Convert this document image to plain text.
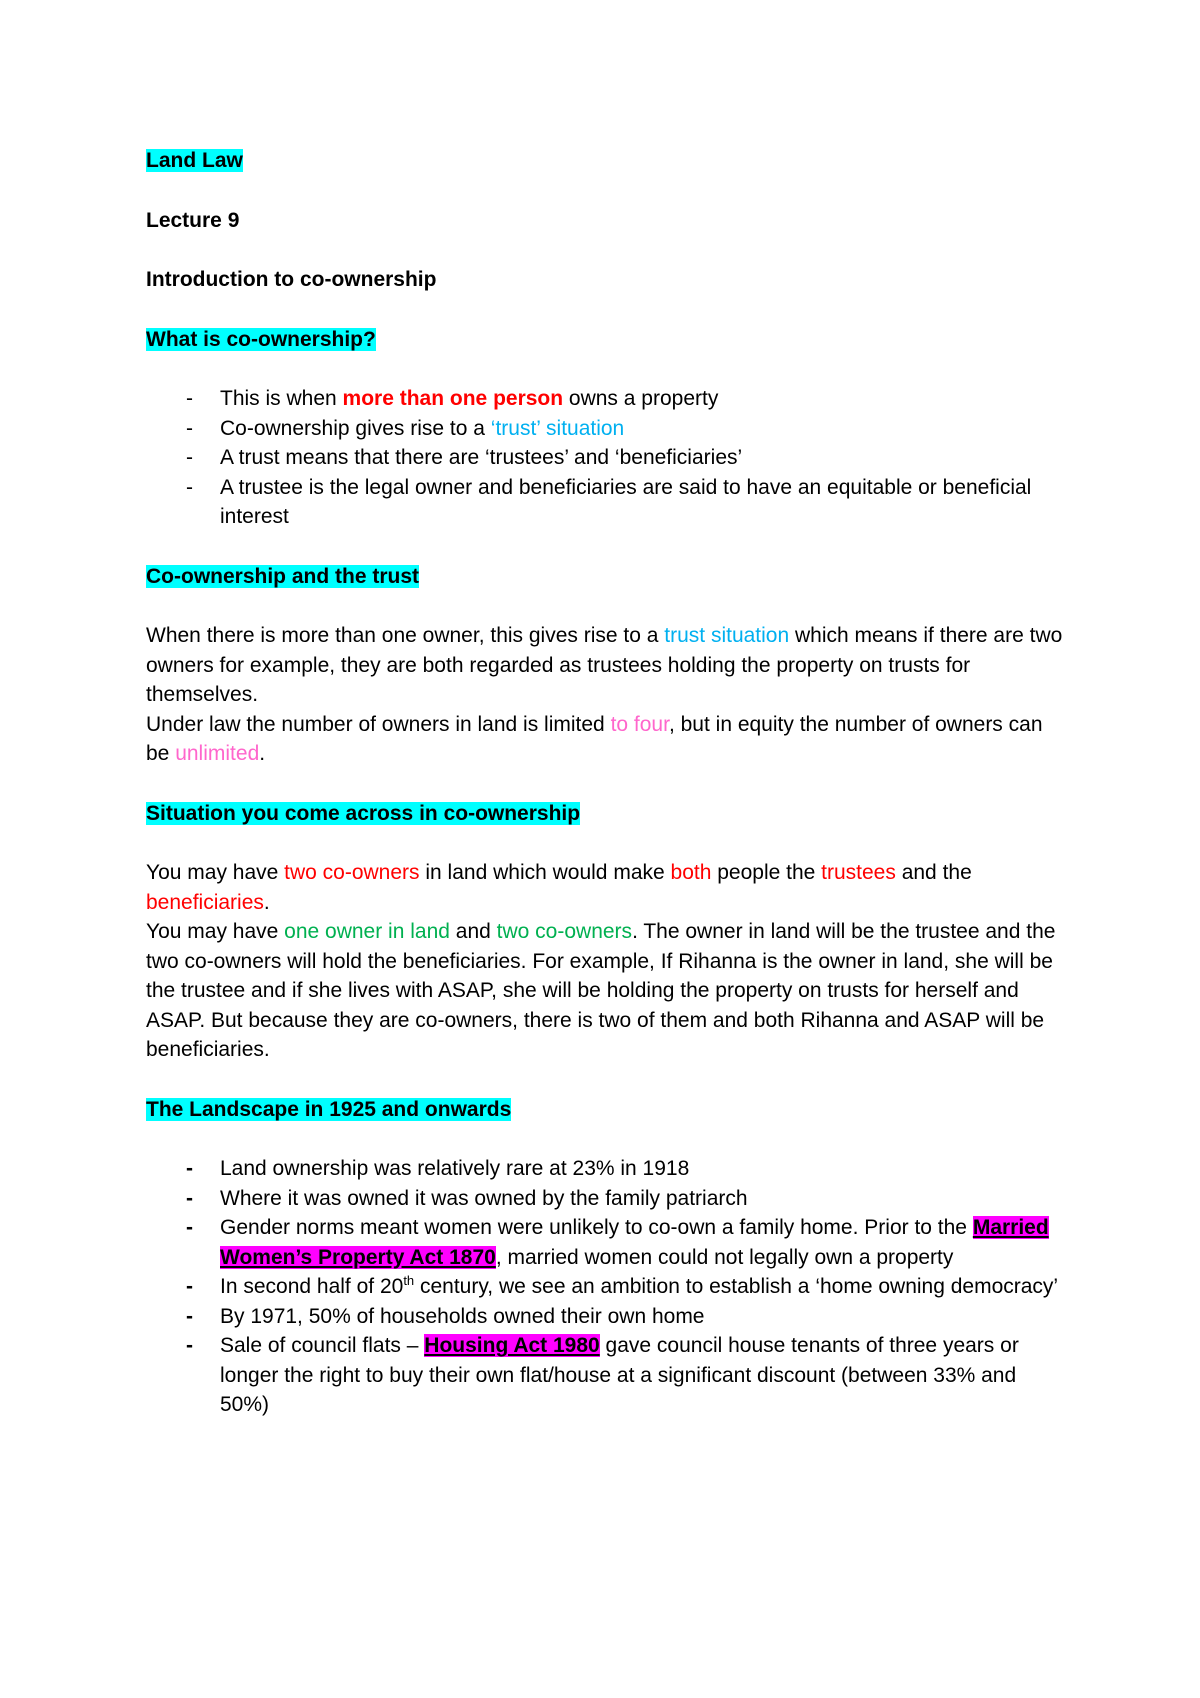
Land Law

Lecture 9

Introduction to co-ownership

What is co-ownership?

- This is when more than one person owns a property
- Co-ownership gives rise to a ‘trust’ situation
- A trust means that there are ‘trustees’ and ‘beneficiaries’
- A trustee is the legal owner and beneficiaries are said to have an equitable or beneficial interest

Co-ownership and the trust

When there is more than one owner, this gives rise to a trust situation which means if there are two owners for example, they are both regarded as trustees holding the property on trusts for themselves.

Under law the number of owners in land is limited to four, but in equity the number of owners can be unlimited.

Situation you come across in co-ownership

You may have two co-owners in land which would make both people the trustees and the beneficiaries.

You may have one owner in land and two co-owners. The owner in land will be the trustee and the two co-owners will hold the beneficiaries. For example, If Rihanna is the owner in land, she will be the trustee and if she lives with ASAP, she will be holding the property on trusts for herself and ASAP. But because they are co-owners, there is two of them and both Rihanna and ASAP will be beneficiaries.

The Landscape in 1925 and onwards

- Land ownership was relatively rare at 23% in 1918
- Where it was owned it was owned by the family patriarch
- Gender norms meant women were unlikely to co-own a family home. Prior to the Married Women’s Property Act 1870, married women could not legally own a property
- In second half of 20th century, we see an ambition to establish a ‘home owning democracy’
- By 1971, 50% of households owned their own home
- Sale of council flats – Housing Act 1980 gave council house tenants of three years or longer the right to buy their own flat/house at a significant discount (between 33% and 50%)
